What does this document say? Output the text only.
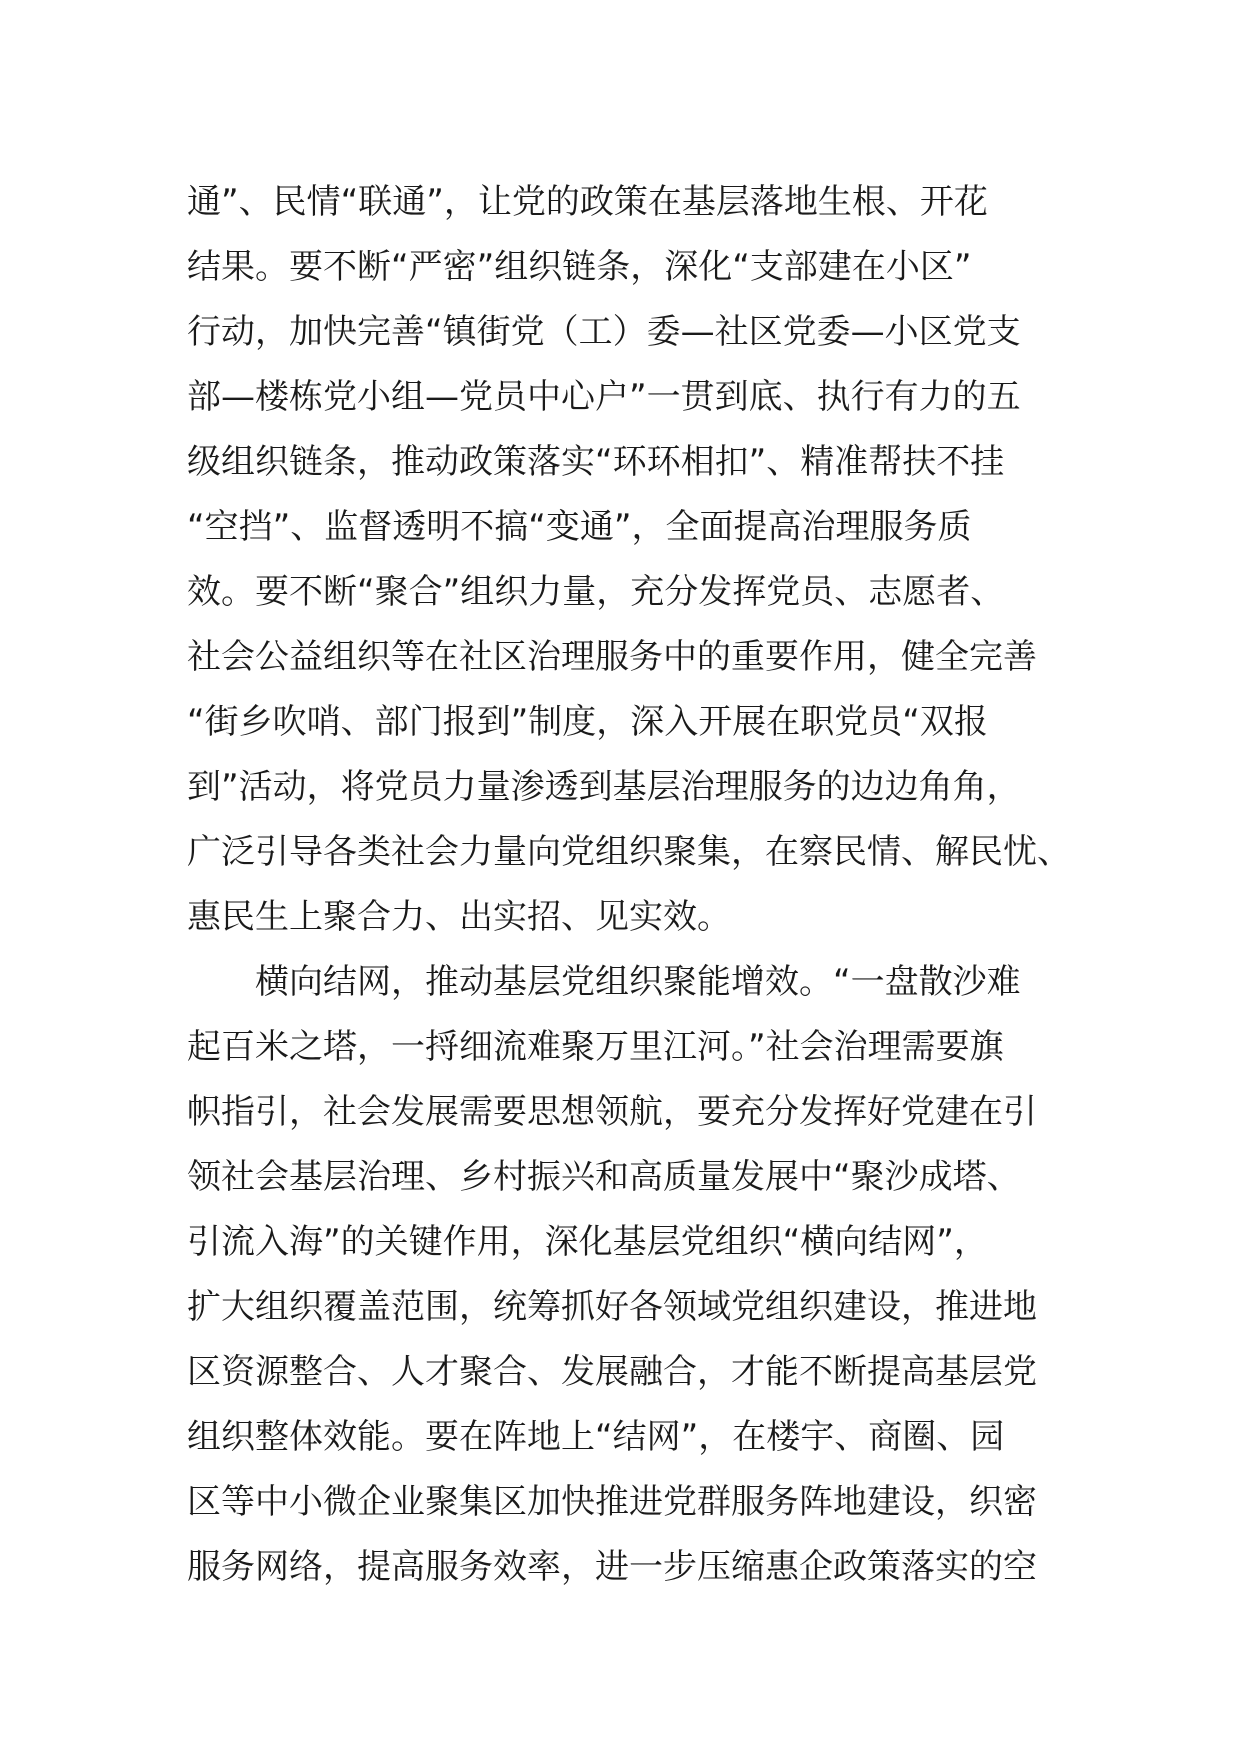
通”、民情“联通”，让党的政策在基层落地生根、开花
结果。要不断“严密”组织链条，深化“支部建在小区”
行动，加快完善“镇街党（工）委—社区党委—小区党支
部—楼栋党小组—党员中心户”一贯到底、执行有力的五
级组织链条，推动政策落实“环环相扣”、精准帮扶不挂
“空挡”、监督透明不搞“变通”，全面提高治理服务质
效。要不断“聚合”组织力量，充分发挥党员、志愿者、
社会公益组织等在社区治理服务中的重要作用，健全完善
“街乡吹哨、部门报到”制度，深入开展在职党员“双报
到”活动，将党员力量渗透到基层治理服务的边边角角，
广泛引导各类社会力量向党组织聚集，在察民情、解民忧、
惠民生上聚合力、出实招、见实效。
　　横向结网，推动基层党组织聚能增效。“一盘散沙难
起百米之塔，一捋细流难聚万里江河。”社会治理需要旗
帜指引，社会发展需要思想领航，要充分发挥好党建在引
领社会基层治理、乡村振兴和高质量发展中“聚沙成塔、
引流入海”的关键作用，深化基层党组织“横向结网”，
扩大组织覆盖范围，统筹抓好各领域党组织建设，推进地
区资源整合、人才聚合、发展融合，才能不断提高基层党
组织整体效能。要在阵地上“结网”，在楼宇、商圈、园
区等中小微企业聚集区加快推进党群服务阵地建设，织密
服务网络，提高服务效率，进一步压缩惠企政策落实的空
